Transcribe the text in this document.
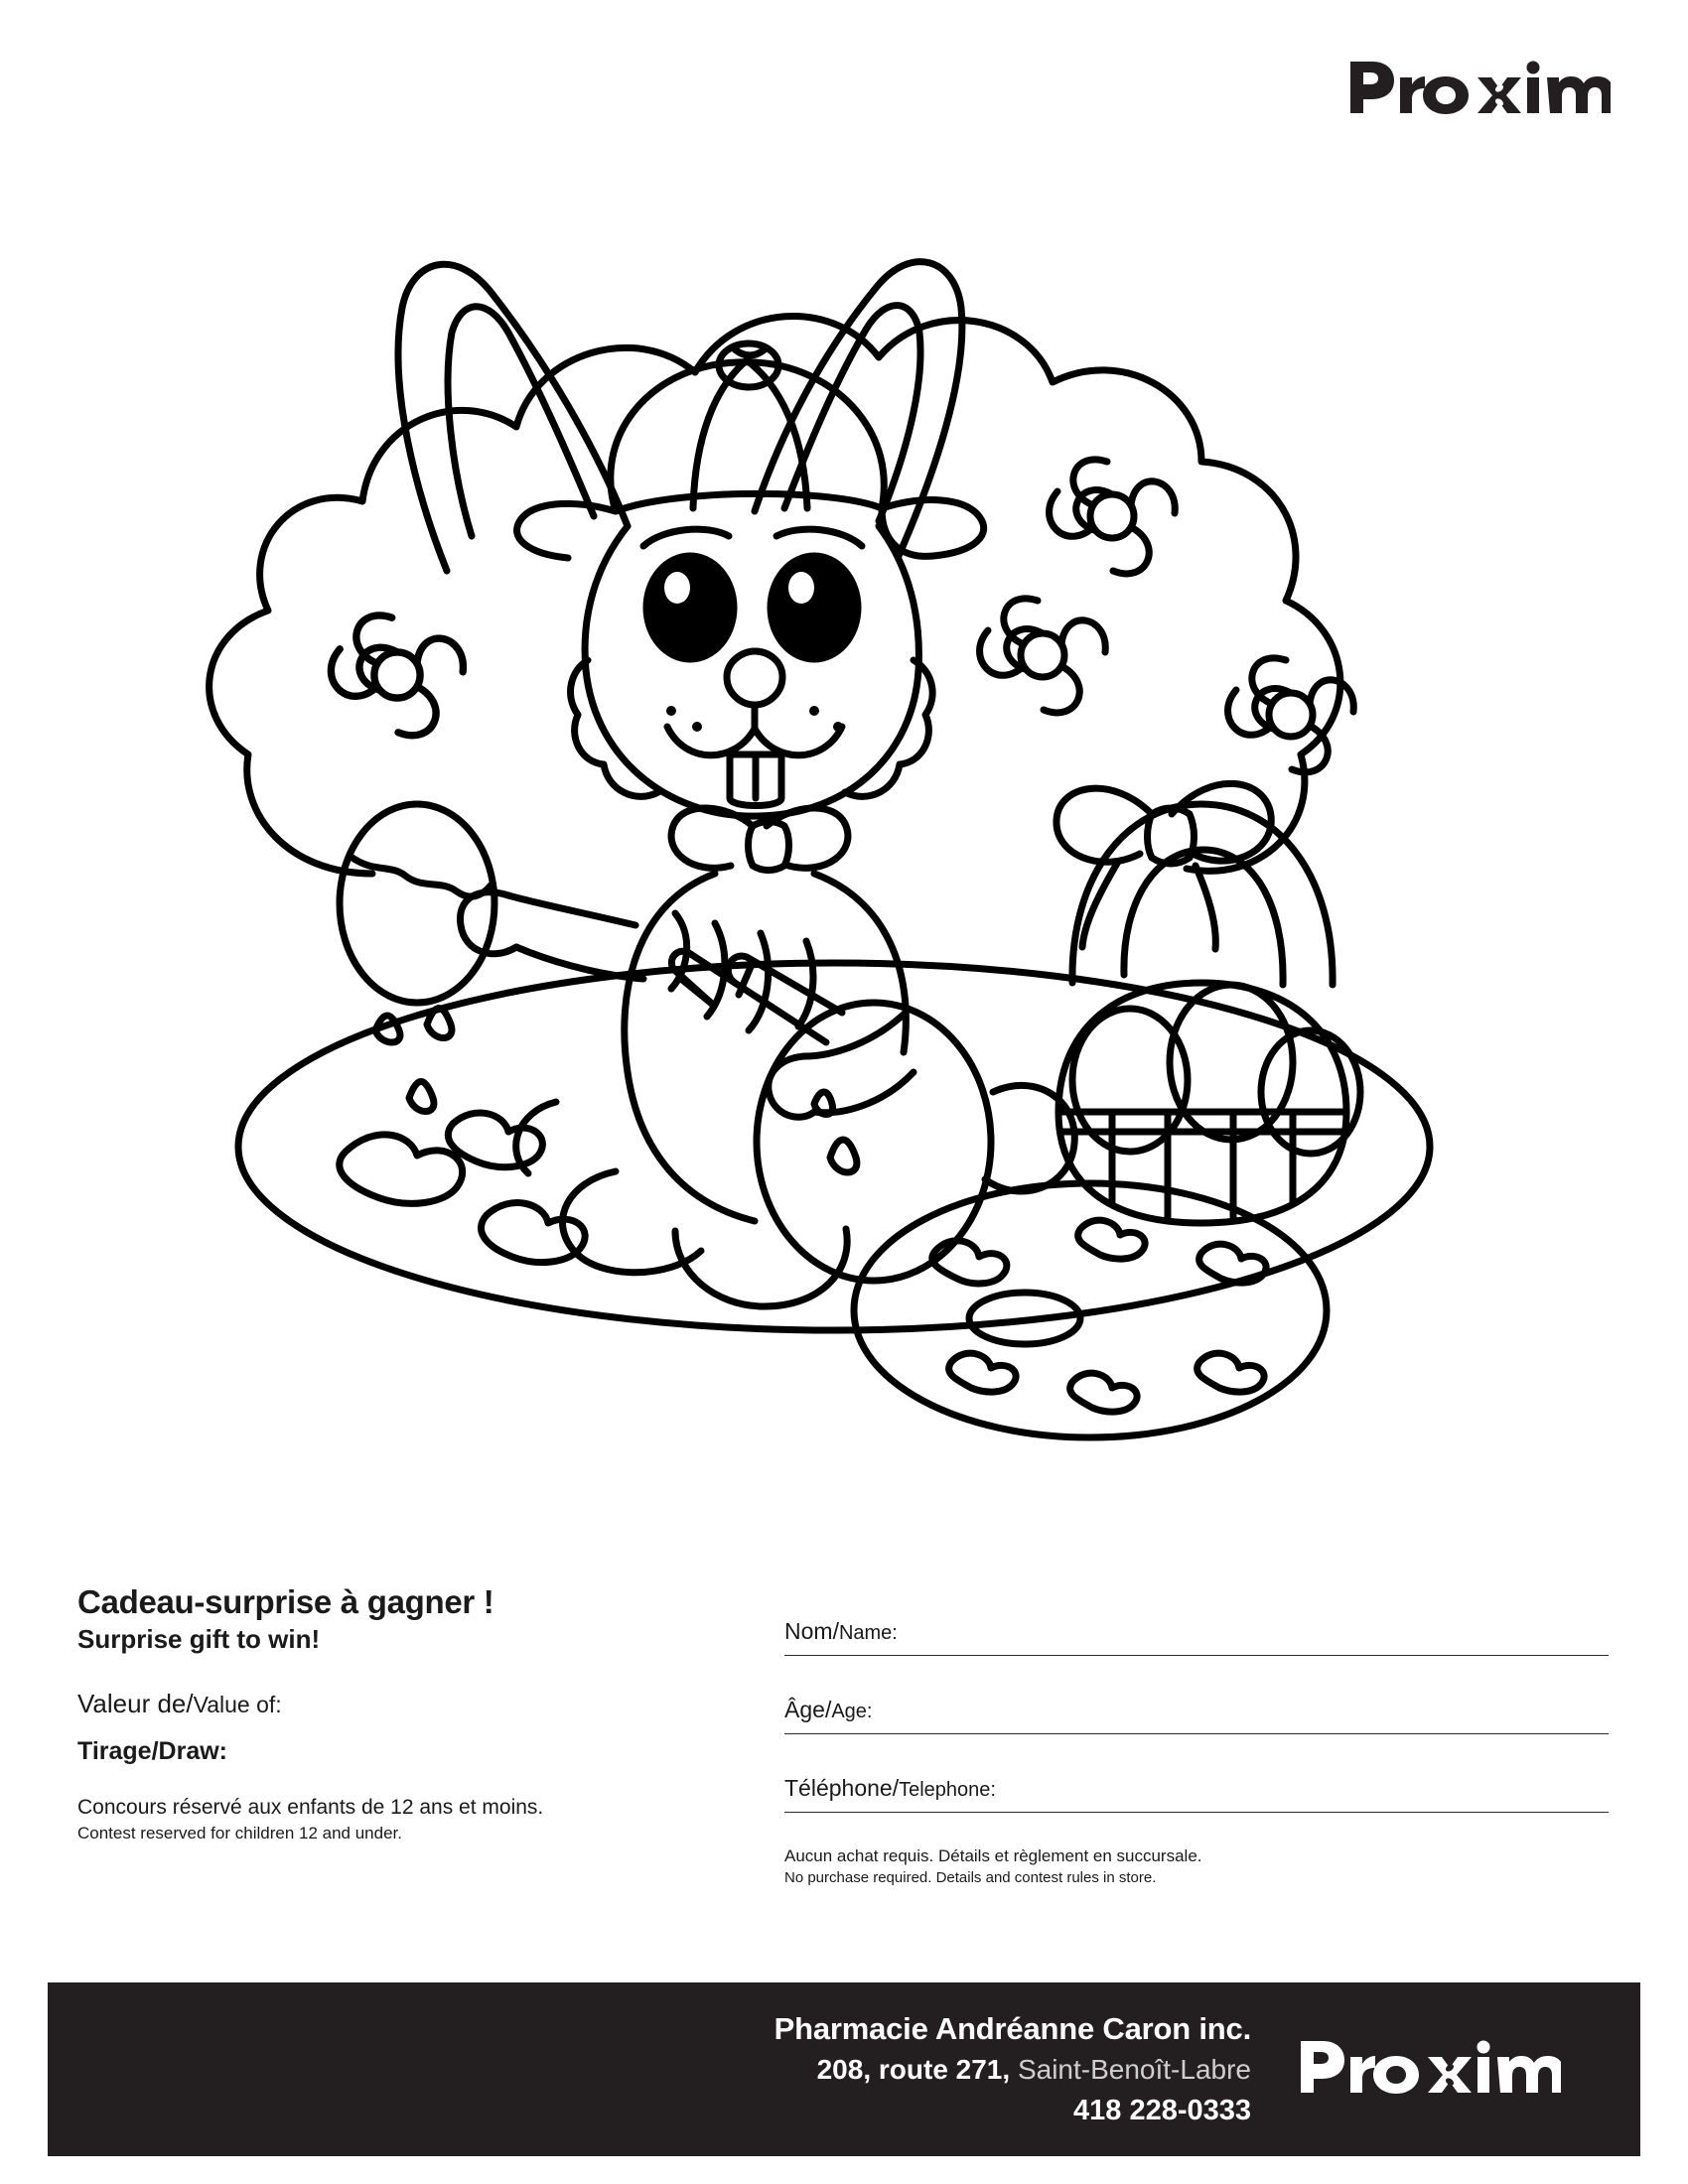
Cadeau-surprise à gagner !

Surprise gift to win!

Valeur de/Value of:

Tirage/Draw:

Concours réservé aux enfants de 12 ans et moins.

Contest reserved for children 12 and under.

Nom/Name:
Âge/Age:
Téléphone/Telephone:

Aucun achat requis. Détails et règlement en succursale.

No purchase required. Details and contest rules in store.

Pharmacie Andréanne Caron inc.

208, route 271, Saint-Benoît-Labre

418 228-0333
